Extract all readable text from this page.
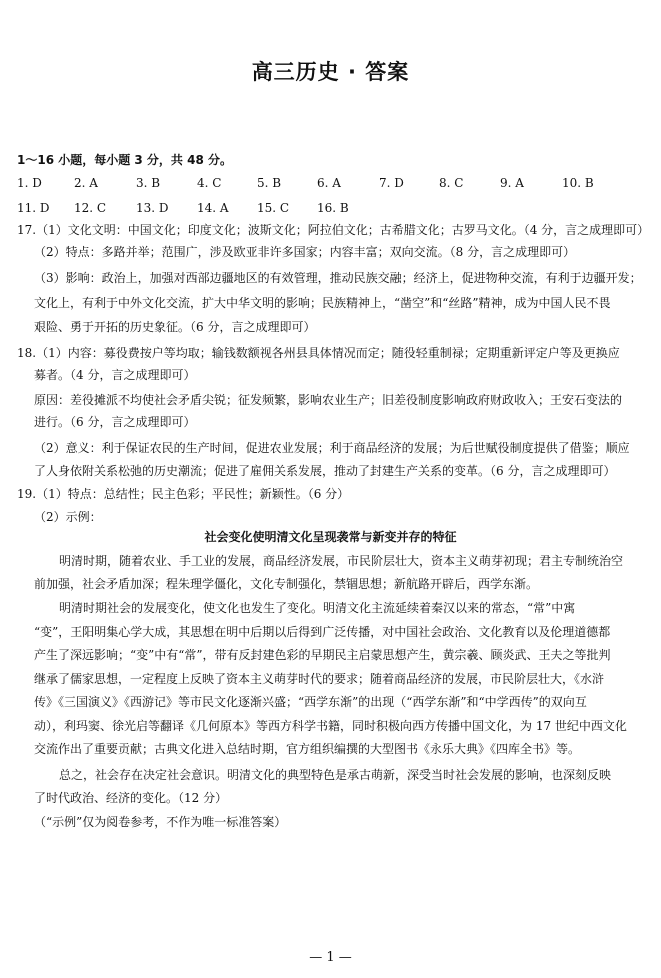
高三历史 · 答案
1～16 小题，每小题 3 分，共 48 分。
1. D	2. A	3. B	4. C	5. B	6. A	7. D	8. C	9. A	10. B
11. D 12. C 13. D 14. A 15. C 16. B
17.（1）文化文明：中国文化；印度文化；波斯文化；阿拉伯文化；古希腊文化；古罗马文化。（4 分，言之成理即可）
（2）特点：多路并举；范围广，涉及欧亚非许多国家；内容丰富；双向交流。（8 分，言之成理即可）
（3）影响：政治上，加强对西部边疆地区的有效管理，推动民族交融；经济上，促进物种交流，有利于边疆开发；
文化上，有利于中外文化交流，扩大中华文明的影响；民族精神上，“凿空”和“丝路”精神，成为中国人民不畏
艰险、勇于开拓的历史象征。（6 分，言之成理即可）
18.（1）内容：募役费按户等均取；输钱数额视各州县具体情况而定；随役轻重制禄；定期重新评定户等及更换应
募者。（4 分，言之成理即可）
原因：差役摊派不均使社会矛盾尖锐；征发频繁，影响农业生产；旧差役制度影响政府财政收入；王安石变法的
进行。（6 分，言之成理即可）
（2）意义：利于保证农民的生产时间，促进农业发展；利于商品经济的发展；为后世赋役制度提供了借鉴；顺应
了人身依附关系松弛的历史潮流；促进了雇佣关系发展，推动了封建生产关系的变革。（6 分，言之成理即可）
19.（1）特点：总结性；民主色彩；平民性；新颖性。（6 分）
（2）示例：
社会变化使明清文化呈现袭常与新变并存的特征
明清时期，随着农业、手工业的发展，商品经济发展，市民阶层壮大，资本主义萌芽初现；君主专制统治空
前加强，社会矛盾加深；程朱理学僵化，文化专制强化，禁锢思想；新航路开辟后，西学东渐。
明清时期社会的发展变化，使文化也发生了变化。明清文化主流延续着秦汉以来的常态，“常”中寓
“变”，王阳明集心学大成，其思想在明中后期以后得到广泛传播，对中国社会政治、文化教育以及伦理道德都
产生了深远影响；“变”中有“常”，带有反封建色彩的早期民主启蒙思想产生，黄宗羲、顾炎武、王夫之等批判
继承了儒家思想，一定程度上反映了资本主义萌芽时代的要求；随着商品经济的发展，市民阶层壮大，《水浒
传》《三国演义》《西游记》等市民文化逐渐兴盛；“西学东渐”的出现（“西学东渐”和“中学西传”的双向互
动），利玛窦、徐光启等翻译《几何原本》等西方科学书籍，同时积极向西方传播中国文化，为 17 世纪中西文化
交流作出了重要贡献；古典文化进入总结时期，官方组织编撰的大型图书《永乐大典》《四库全书》等。
总之，社会存在决定社会意识。明清文化的典型特色是承古萌新，深受当时社会发展的影响，也深刻反映
了时代政治、经济的变化。（12 分）
（“示例”仅为阅卷参考，不作为唯一标准答案）
— 1 —
